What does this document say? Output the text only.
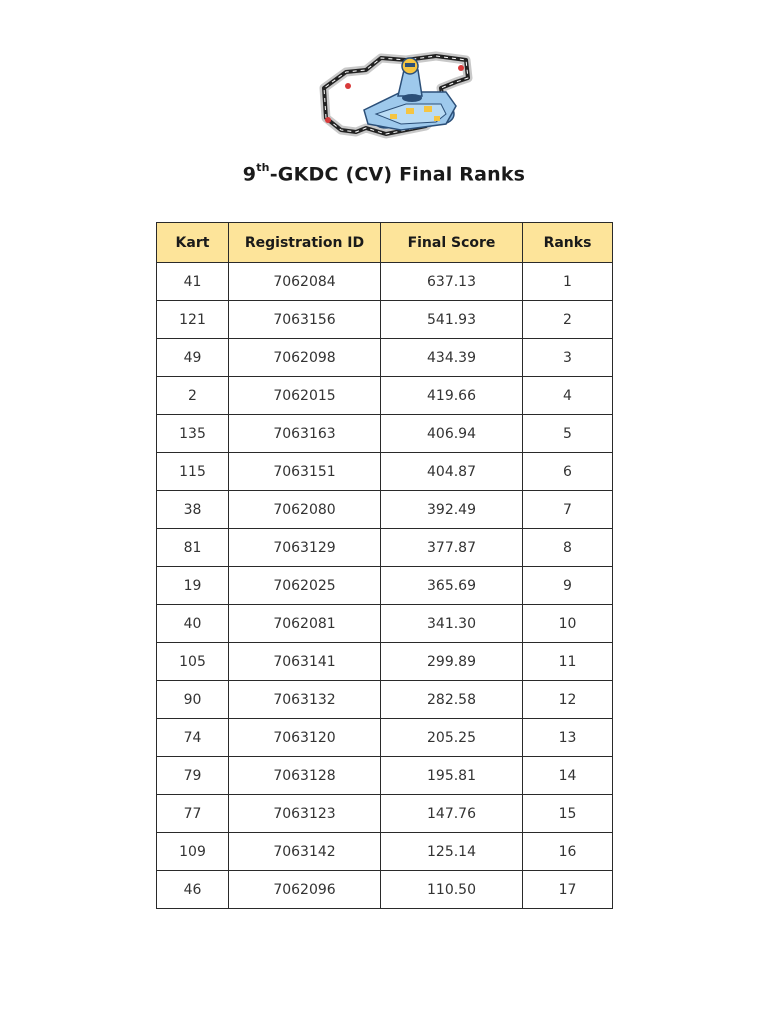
9th-GKDC (CV) Final Ranks
Kart	Registration ID	Final Score	Ranks
41	7062084	637.13	1
121	7063156	541.93	2
49	7062098	434.39	3
2	7062015	419.66	4
135	7063163	406.94	5
115	7063151	404.87	6
38	7062080	392.49	7
81	7063129	377.87	8
19	7062025	365.69	9
40	7062081	341.30	10
105	7063141	299.89	11
90	7063132	282.58	12
74	7063120	205.25	13
79	7063128	195.81	14
77	7063123	147.76	15
109	7063142	125.14	16
46	7062096	110.50	17
